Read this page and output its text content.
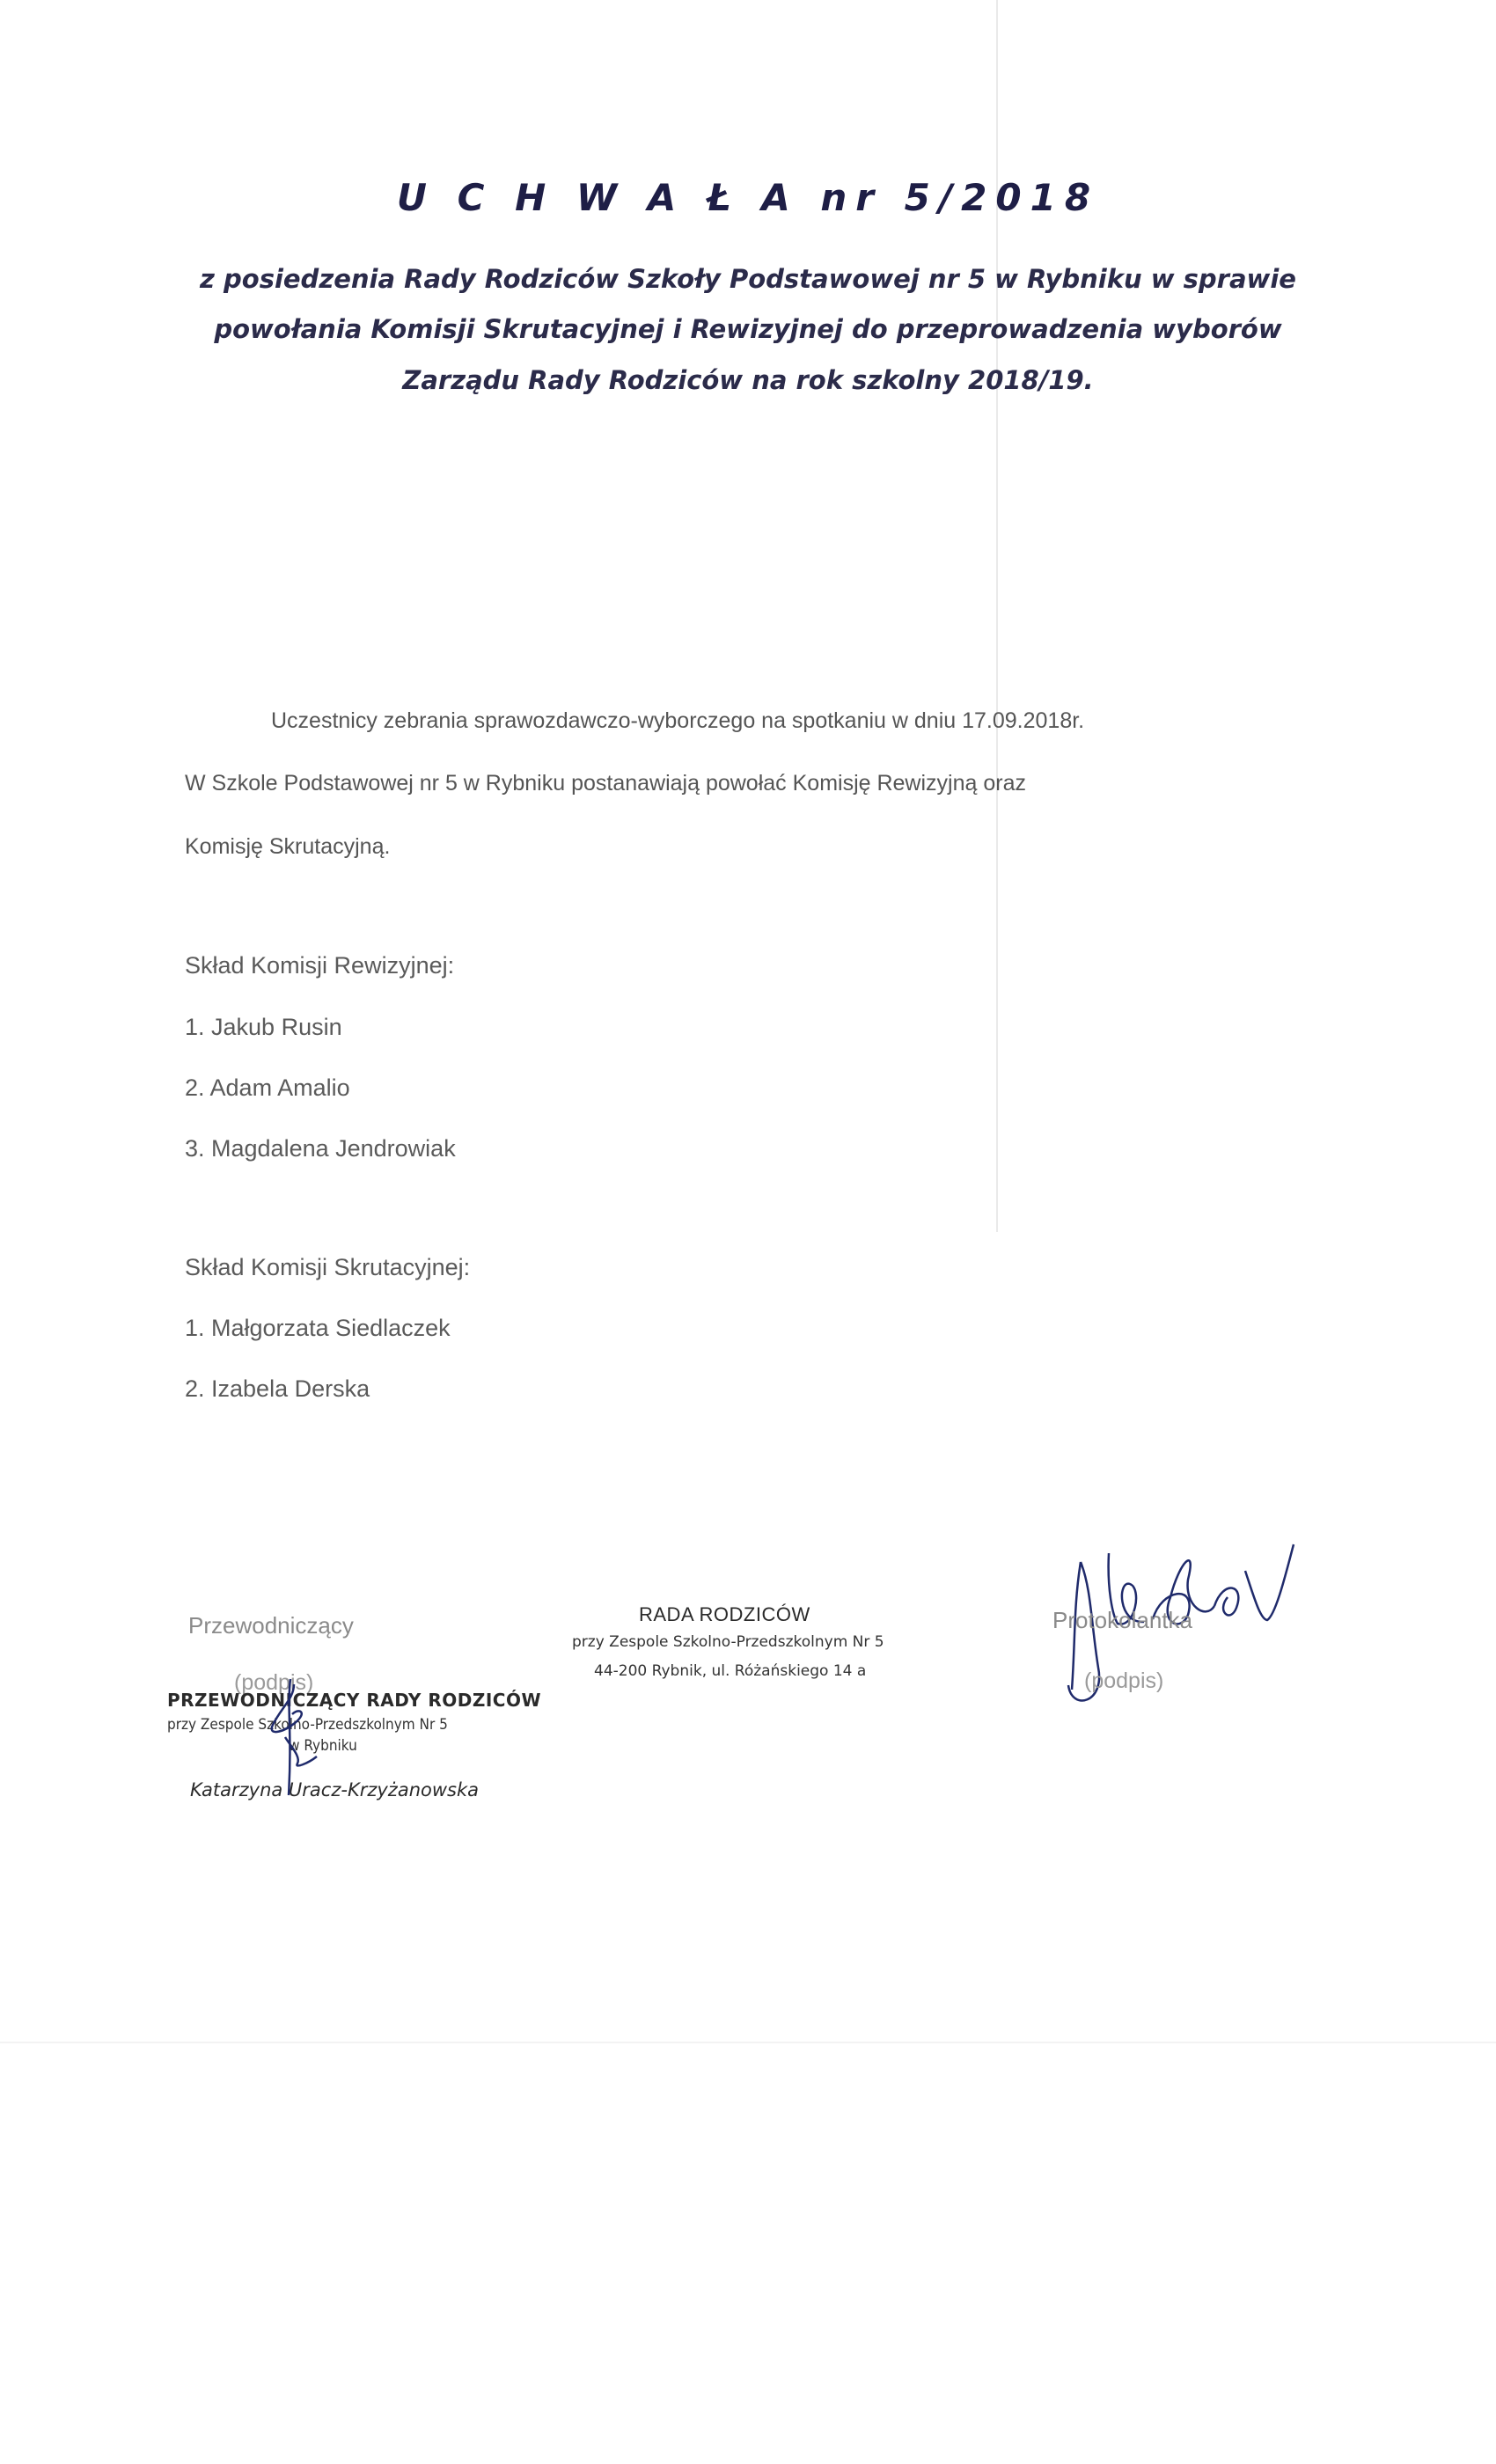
U C H W A Ł A nr 5/2018
z posiedzenia Rady Rodziców Szkoły Podstawowej nr 5 w Rybniku w sprawie
powołania Komisji Skrutacyjnej i Rewizyjnej do przeprowadzenia wyborów
Zarządu Rady Rodziców na rok szkolny 2018/19.
Uczestnicy zebrania sprawozdawczo-wyborczego na spotkaniu w dniu 17.09.2018r.
W Szkole Podstawowej nr 5 w Rybniku postanawiają powołać Komisję Rewizyjną oraz
Komisję Skrutacyjną.
Skład Komisji Rewizyjnej:
1. Jakub Rusin
2. Adam Amalio
3. Magdalena Jendrowiak
Skład Komisji Skrutacyjnej:
1. Małgorzata Siedlaczek
2. Izabela Derska
Przewodniczący
(podpis)
PRZEWODNICZĄCY RADY RODZICÓW
przy Zespole Szkolno-Przedszkolnym Nr 5
w Rybniku
Katarzyna Uracz-Krzyżanowska
RADA RODZICÓW
przy Zespole Szkolno-Przedszkolnym Nr 5
44-200 Rybnik, ul. Różańskiego 14 a
Protokolantka
(podpis)
